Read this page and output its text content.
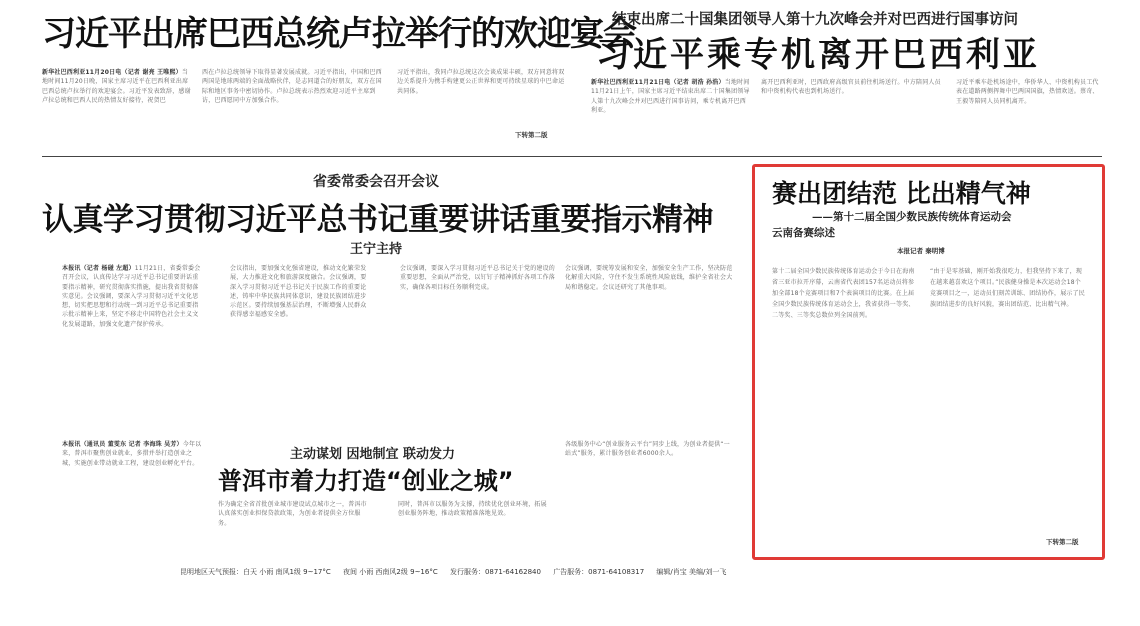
习近平出席巴西总统卢拉举行的欢迎宴会
新华社巴西利亚11月20日电（记者 谢亮 王唯熙）当地时间11月20日晚，国家主席习近平在巴西利亚出席巴西总统卢拉举行的欢迎宴会。习近平发表致辞，感谢卢拉总统和巴西人民的热情友好接待，祝贺巴
西在卢拉总统领导下取得显著发展成就。习近平指出，中国和巴西两国是地球两端的全面战略伙伴，是志同道合的好朋友，双方在国际和地区事务中密切协作。卢拉总统表示热烈欢迎习近平主席到访，巴西愿同中方加强合作。
习近平指出，我同卢拉总统这次会谈成果丰硕，双方同意将双边关系提升为携手构建更公正世界和更可持续星球的中巴命运共同体。
下转第二版
结束出席二十国集团领导人第十九次峰会并对巴西进行国事访问
习近平乘专机离开巴西利亚
新华社巴西利亚11月21日电（记者 胡浩 孙浩）当地时间11月21日上午，国家主席习近平结束出席二十国集团领导人第十九次峰会并对巴西进行国事访问，乘专机离开巴西利亚。
离开巴西利亚时，巴西政府高级官员前往机场送行。中方陪同人员和中资机构代表也到机场送行。
习近平乘车赴机场途中，华侨华人、中资机构员工代表在道路两侧挥舞中巴两国国旗，热情欢送。蔡奇、王毅等陪同人员同机离开。
省委常委会召开会议
认真学习贯彻习近平总书记重要讲话重要指示精神
王宁主持
本报讯（记者 杨碰 左超）11月21日，省委常委会召开会议，认真传达学习习近平总书记重要讲话重要指示精神，研究贯彻落实措施，提出我省贯彻落实意见。会议强调，要深入学习贯彻习近平文化思想，切实把思想和行动统一到习近平总书记重要指示批示精神上来，坚定不移走中国特色社会主义文化发展道路，加强文化遗产保护传承。
会议指出，要加强文化强省建设，推动文化繁荣发展，大力推进文化和旅游深度融合。会议强调，要深入学习贯彻习近平总书记关于民族工作的重要论述，铸牢中华民族共同体意识，建设民族团结进步示范区。要持续加强基层治理，不断增强人民群众获得感幸福感安全感。
会议强调，要深入学习贯彻习近平总书记关于党的建设的重要思想，全面从严治党，以钉钉子精神抓好各项工作落实，确保各项目标任务顺利完成。
会议强调，要统筹发展和安全，加强安全生产工作，坚决防范化解重大风险，守住不发生系统性风险底线，维护全省社会大局和谐稳定。会议还研究了其他事项。
本报讯（通讯员 董雯东 记者 李海珠 吴芳）今年以来，普洱市聚焦创业就业，多措并举打造创业之城，实施创业带动就业工程，建设创业孵化平台。
主动谋划 因地制宜 联动发力
普洱市着力打造“创业之城”
作为确定全省首批创业城市建设试点城市之一，普洱市认真落实创业担保贷款政策，为创业者提供全方位服务。
同时，普洱市以服务为支撑，持续优化创业环境，拓展创业服务阵地，推动政策精准落地见效。
各级服务中心“创业服务云平台”同步上线，为创业者提供“一站式”服务，累计服务创业者6000余人。
赛出团结范 比出精气神
——第十二届全国少数民族传统体育运动会
云南备赛综述
本报记者 秦明博
第十二届全国少数民族传统体育运动会于今日在海南省三亚市拉开序幕，云南省代表团157名运动员将参加全部18个竞赛项目和7个表演项目的比赛。在上届全国少数民族传统体育运动会上，我省获得一等奖、二等奖、三等奖总数位列全国前列。
“由于是零基础，刚开始我很吃力，但我坚持下来了，现在越来越喜欢这个项目。”民族健身操是本次运动会18个竞赛项目之一，运动员们刻苦训练、团结协作，展示了民族团结进步的良好风貌，赛出团结范、比出精气神。
下转第二版
昆明地区天气预报：白天 小雨 南风1级 9~17°C 夜间 小雨 西南风2级 9~16°C 发行服务：0871-64162840 广告服务：0871-64108317 编辑/肖宝 美编/刘一飞
